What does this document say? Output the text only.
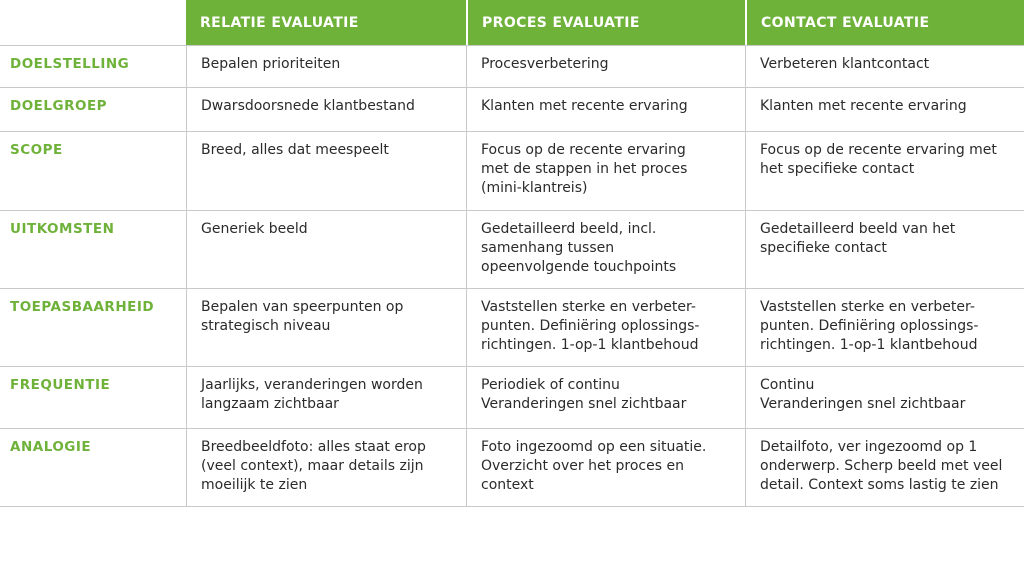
	RELATIE EVALUATIE	PROCES EVALUATIE	CONTACT EVALUATIE
DOELSTELLING	Bepalen prioriteiten	Procesverbetering	Verbeteren klantcontact

DOELGROEP	Dwarsdoorsnede klantbestand	Klanten met recente ervaring	Klanten met recente ervaring

SCOPE	Breed, alles dat meespeelt	Focus op de recente ervaring
met de stappen in het proces
(mini-klantreis)	Focus op de recente ervaring met
het specifieke contact

UITKOMSTEN	Generiek beeld	Gedetailleerd beeld, incl.
samenhang tussen
opeenvolgende touchpoints	Gedetailleerd beeld van het
specifieke contact

TOEPASBAARHEID	Bepalen van speerpunten op
strategisch niveau	Vaststellen sterke en verbeter-
punten. Definiëring oplossings-
richtingen. 1-op-1 klantbehoud	Vaststellen sterke en verbeter-
punten. Definiëring oplossings-
richtingen. 1-op-1 klantbehoud

FREQUENTIE	Jaarlijks, veranderingen worden
langzaam zichtbaar	Periodiek of continu
Veranderingen snel zichtbaar	Continu
Veranderingen snel zichtbaar

ANALOGIE	Breedbeeldfoto: alles staat erop
(veel context), maar details zijn
moeilijk te zien	Foto ingezoomd op een situatie.
Overzicht over het proces en
context	Detailfoto, ver ingezoomd op 1
onderwerp. Scherp beeld met veel
detail. Context soms lastig te zien
